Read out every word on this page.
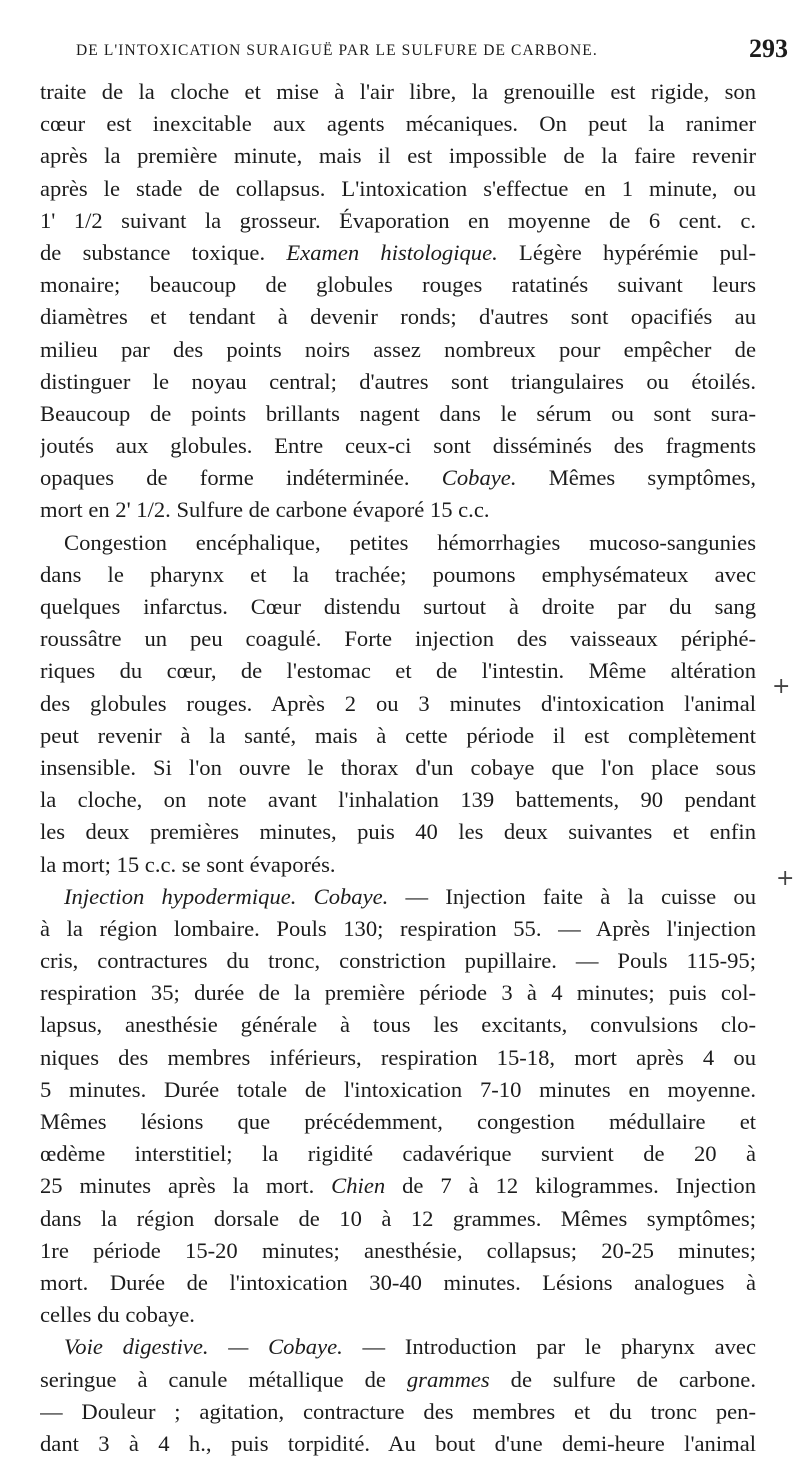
DE L'INTOXICATION SURAIGUË PAR LE SULFURE DE CARBONE.	293
traite de la cloche et mise à l'air libre, la grenouille est rigide, son
cœur est inexcitable aux agents mécaniques. On peut la ranimer
après la première minute, mais il est impossible de la faire revenir
après le stade de collapsus. L'intoxication s'effectue en 1 minute, ou
1' 1/2 suivant la grosseur. Évaporation en moyenne de 6 cent. c.
de substance toxique. Examen histologique. Légère hypérémie pul-
monaire; beaucoup de globules rouges ratatinés suivant leurs
diamètres et tendant à devenir ronds; d'autres sont opacifiés au
milieu par des points noirs assez nombreux pour empêcher de
distinguer le noyau central; d'autres sont triangulaires ou étoilés.
Beaucoup de points brillants nagent dans le sérum ou sont sura-
joutés aux globules. Entre ceux-ci sont disséminés des fragments
opaques de forme indéterminée. Cobaye. Mêmes symptômes,
mort en 2' 1/2. Sulfure de carbone évaporé 15 c.c.
Congestion encéphalique, petites hémorrhagies mucoso-sangunies
dans le pharynx et la trachée; poumons emphysémateux avec
quelques infarctus. Cœur distendu surtout à droite par du sang
roussâtre un peu coagulé. Forte injection des vaisseaux périphé-
riques du cœur, de l'estomac et de l'intestin. Même altération
des globules rouges. Après 2 ou 3 minutes d'intoxication l'animal
peut revenir à la santé, mais à cette période il est complètement
insensible. Si l'on ouvre le thorax d'un cobaye que l'on place sous
la cloche, on note avant l'inhalation 139 battements, 90 pendant
les deux premières minutes, puis 40 les deux suivantes et enfin
la mort; 15 c.c. se sont évaporés.
Injection hypodermique. Cobaye. — Injection faite à la cuisse ou
à la région lombaire. Pouls 130; respiration 55. — Après l'injection
cris, contractures du tronc, constriction pupillaire. — Pouls 115-95;
respiration 35; durée de la première période 3 à 4 minutes; puis col-
lapsus, anesthésie générale à tous les excitants, convulsions clo-
niques des membres inférieurs, respiration 15-18, mort après 4 ou
5 minutes. Durée totale de l'intoxication 7-10 minutes en moyenne.
Mêmes lésions que précédemment, congestion médullaire et
œdème interstitiel; la rigidité cadavérique survient de 20 à
25 minutes après la mort. Chien de 7 à 12 kilogrammes. Injection
dans la région dorsale de 10 à 12 grammes. Mêmes symptômes;
1re période 15-20 minutes; anesthésie, collapsus; 20-25 minutes;
mort. Durée de l'intoxication 30-40 minutes. Lésions analogues à
celles du cobaye.
Voie digestive. — Cobaye. — Introduction par le pharynx avec
seringue à canule métallique de grammes de sulfure de carbone.
— Douleur ; agitation, contracture des membres et du tronc pen-
dant 3 à 4 h., puis torpidité. Au bout d'une demi-heure l'animal
+
+
